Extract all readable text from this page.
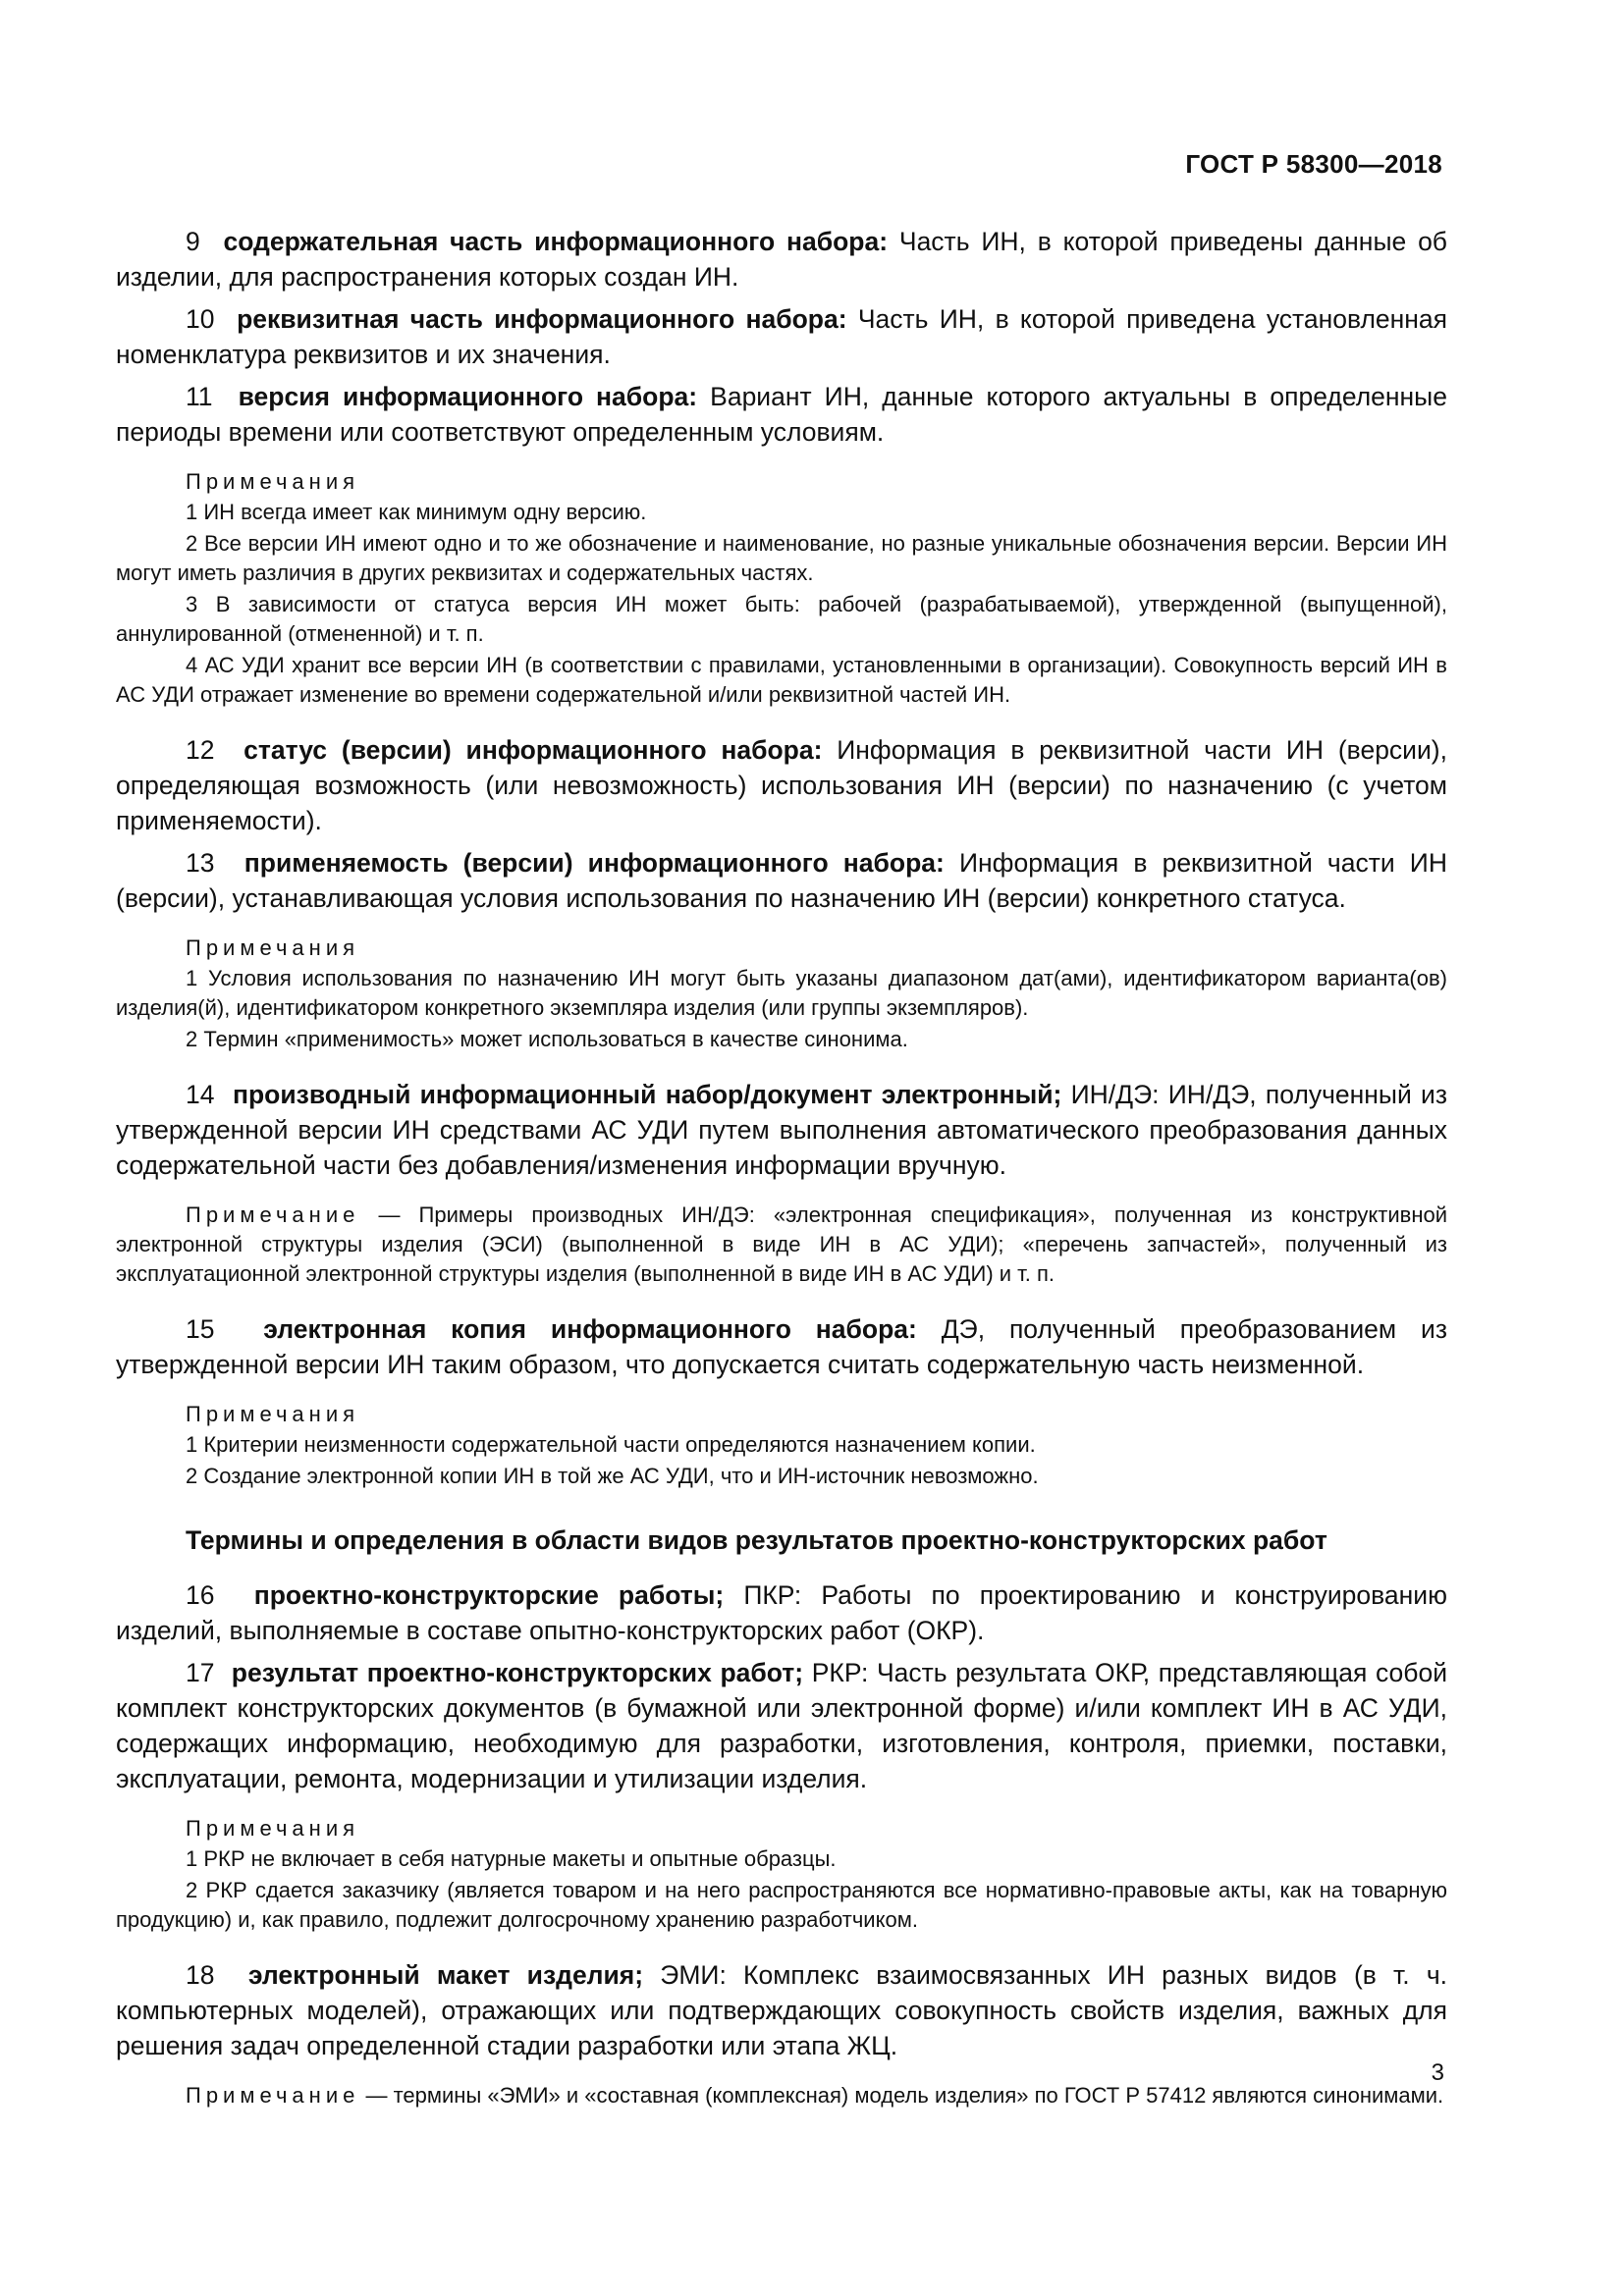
ГОСТ Р 58300—2018

9 содержательная часть информационного набора: Часть ИН, в которой приведены данные об изделии, для распространения которых создан ИН.

10 реквизитная часть информационного набора: Часть ИН, в которой приведена установленная номенклатура реквизитов и их значения.

11 версия информационного набора: Вариант ИН, данные которого актуальны в определенные периоды времени или соответствуют определенным условиям.

Примечания
1 ИН всегда имеет как минимум одну версию.
2 Все версии ИН имеют одно и то же обозначение и наименование, но разные уникальные обозначения версии. Версии ИН могут иметь различия в других реквизитах и содержательных частях.
3 В зависимости от статуса версия ИН может быть: рабочей (разрабатываемой), утвержденной (выпущенной), аннулированной (отмененной) и т. п.
4 АС УДИ хранит все версии ИН (в соответствии с правилами, установленными в организации). Совокупность версий ИН в АС УДИ отражает изменение во времени содержательной и/или реквизитной частей ИН.

12 статус (версии) информационного набора: Информация в реквизитной части ИН (версии), определяющая возможность (или невозможность) использования ИН (версии) по назначению (с учетом применяемости).

13 применяемость (версии) информационного набора: Информация в реквизитной части ИН (версии), устанавливающая условия использования по назначению ИН (версии) конкретного статуса.

Примечания
1 Условия использования по назначению ИН могут быть указаны диапазоном дат(ами), идентификатором варианта(ов) изделия(й), идентификатором конкретного экземпляра изделия (или группы экземпляров).
2 Термин «применимость» может использоваться в качестве синонима.

14 производный информационный набор/документ электронный; ИН/ДЭ: ИН/ДЭ, полученный из утвержденной версии ИН средствами АС УДИ путем выполнения автоматического преобразования данных содержательной части без добавления/изменения информации вручную.

Примечание — Примеры производных ИН/ДЭ: «электронная спецификация», полученная из конструктивной электронной структуры изделия (ЭСИ) (выполненной в виде ИН в АС УДИ); «перечень запчастей», полученный из эксплуатационной электронной структуры изделия (выполненной в виде ИН в АС УДИ) и т. п.

15 электронная копия информационного набора: ДЭ, полученный преобразованием из утвержденной версии ИН таким образом, что допускается считать содержательную часть неизменной.

Примечания
1 Критерии неизменности содержательной части определяются назначением копии.
2 Создание электронной копии ИН в той же АС УДИ, что и ИН-источник невозможно.
Термины и определения в области видов результатов проектно-конструкторских работ

16 проектно-конструкторские работы; ПКР: Работы по проектированию и конструированию изделий, выполняемые в составе опытно-конструкторских работ (ОКР).

17 результат проектно-конструкторских работ; РКР: Часть результата ОКР, представляющая собой комплект конструкторских документов (в бумажной или электронной форме) и/или комплект ИН в АС УДИ, содержащих информацию, необходимую для разработки, изготовления, контроля, приемки, поставки, эксплуатации, ремонта, модернизации и утилизации изделия.

Примечания
1 РКР не включает в себя натурные макеты и опытные образцы.
2 РКР сдается заказчику (является товаром и на него распространяются все нормативно-правовые акты, как на товарную продукцию) и, как правило, подлежит долгосрочному хранению разработчиком.

18 электронный макет изделия; ЭМИ: Комплекс взаимосвязанных ИН разных видов (в т. ч. компьютерных моделей), отражающих или подтверждающих совокупность свойств изделия, важных для решения задач определенной стадии разработки или этапа ЖЦ.

Примечание — термины «ЭМИ» и «составная (комплексная) модель изделия» по ГОСТ Р 57412 являются синонимами.
3
